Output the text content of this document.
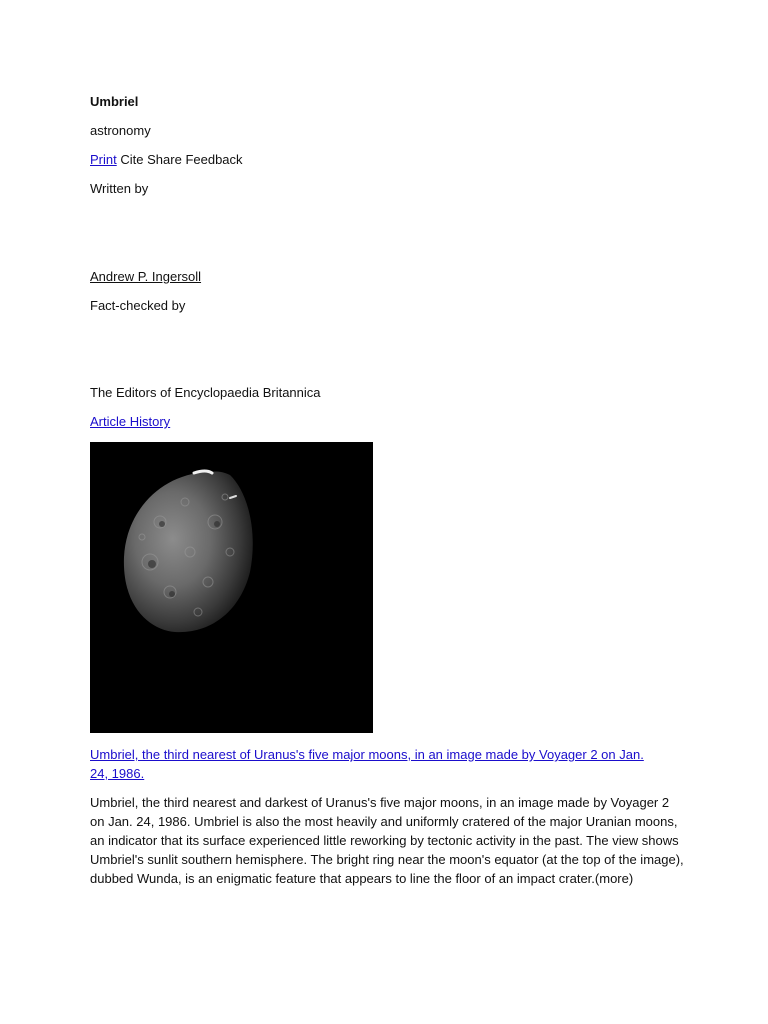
Umbriel

astronomy

Print Cite Share Feedback

Written by

Andrew P. Ingersoll

Fact-checked by

The Editors of Encyclopaedia Britannica

Article History

Umbriel, the third nearest of Uranus's five major moons, in an image made by Voyager 2 on Jan. 24, 1986.

Umbriel, the third nearest and darkest of Uranus's five major moons, in an image made by Voyager 2 on Jan. 24, 1986. Umbriel is also the most heavily and uniformly cratered of the major Uranian moons, an indicator that its surface experienced little reworking by tectonic activity in the past. The view shows Umbriel's sunlit southern hemisphere. The bright ring near the moon's equator (at the top of the image), dubbed Wunda, is an enigmatic feature that appears to line the floor of an impact crater.(more)
